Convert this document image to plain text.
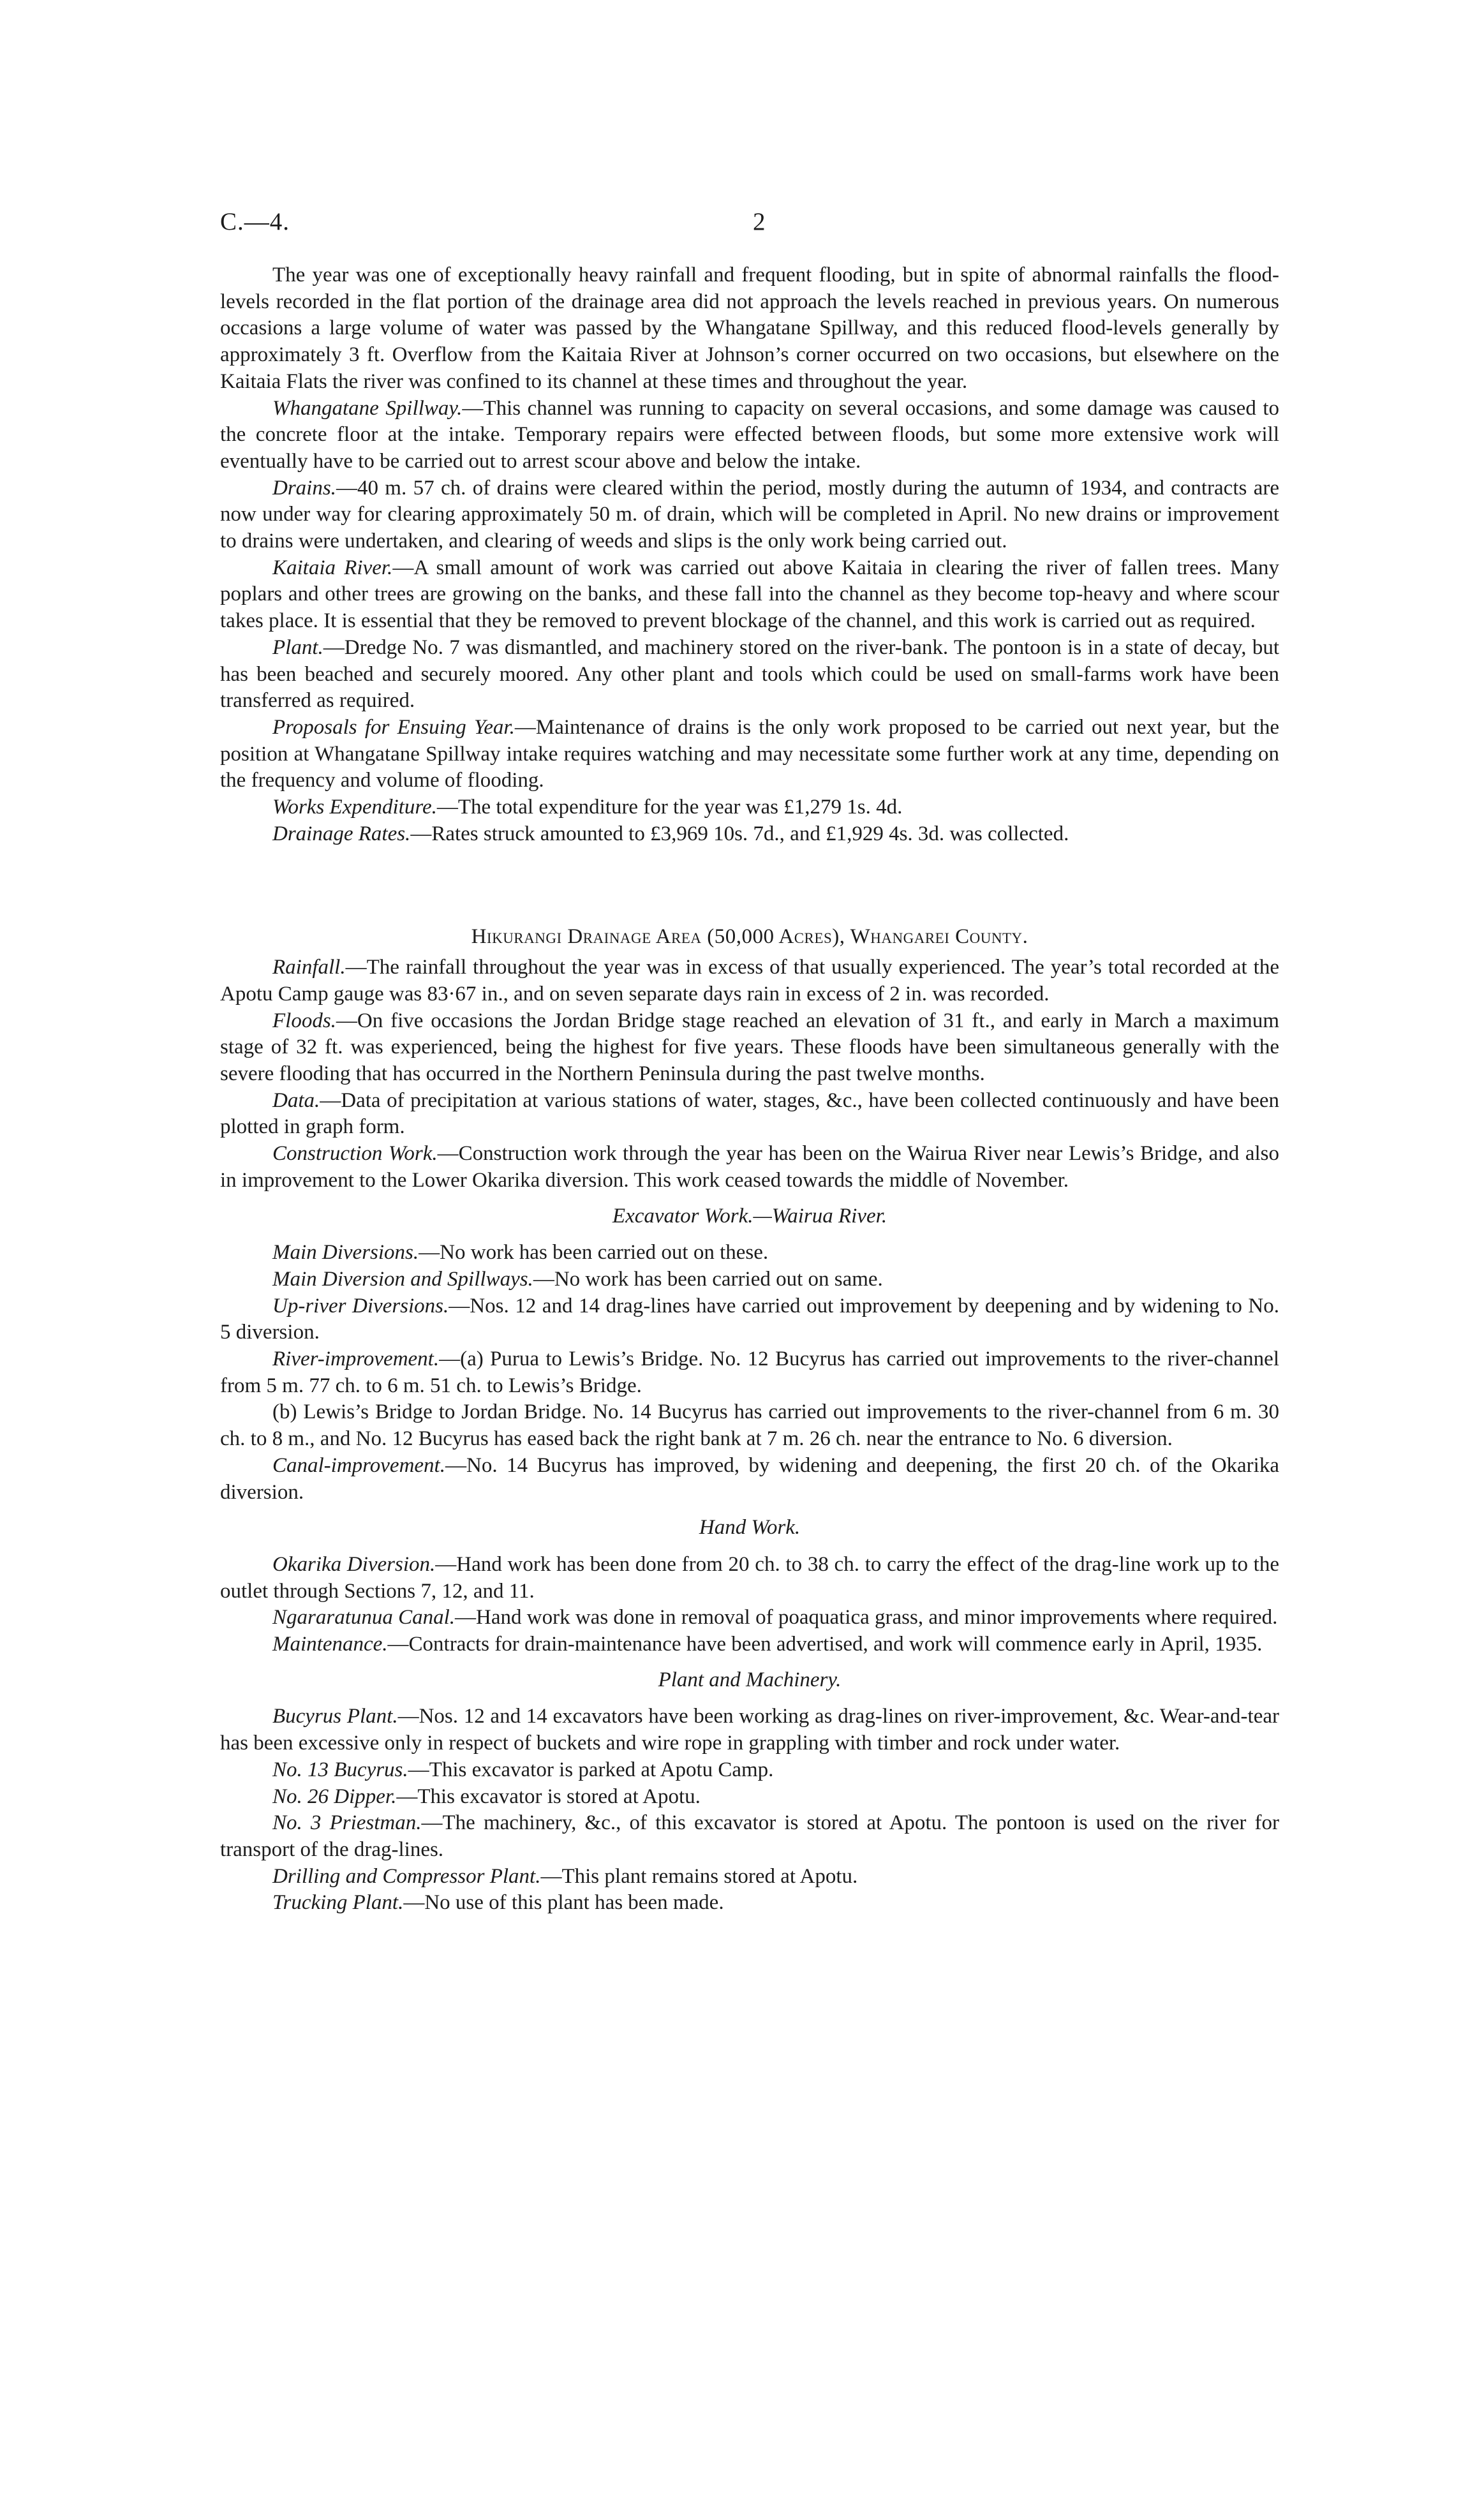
C.—4.	2

The year was one of exceptionally heavy rainfall and frequent flooding, but in spite of abnormal rainfalls the flood-levels recorded in the flat portion of the drainage area did not approach the levels reached in previous years. On numerous occasions a large volume of water was passed by the Whangatane Spillway, and this reduced flood-levels generally by approximately 3 ft. Overflow from the Kaitaia River at Johnson’s corner occurred on two occasions, but elsewhere on the Kaitaia Flats the river was confined to its channel at these times and throughout the year.

Whangatane Spillway.—This channel was running to capacity on several occasions, and some damage was caused to the concrete floor at the intake. Temporary repairs were effected between floods, but some more extensive work will eventually have to be carried out to arrest scour above and below the intake.

Drains.—40 m. 57 ch. of drains were cleared within the period, mostly during the autumn of 1934, and contracts are now under way for clearing approximately 50 m. of drain, which will be completed in April. No new drains or improvement to drains were undertaken, and clearing of weeds and slips is the only work being carried out.

Kaitaia River.—A small amount of work was carried out above Kaitaia in clearing the river of fallen trees. Many poplars and other trees are growing on the banks, and these fall into the channel as they become top-heavy and where scour takes place. It is essential that they be removed to prevent blockage of the channel, and this work is carried out as required.

Plant.—Dredge No. 7 was dismantled, and machinery stored on the river-bank. The pontoon is in a state of decay, but has been beached and securely moored. Any other plant and tools which could be used on small-farms work have been transferred as required.

Proposals for Ensuing Year.—Maintenance of drains is the only work proposed to be carried out next year, but the position at Whangatane Spillway intake requires watching and may necessitate some further work at any time, depending on the frequency and volume of flooding.

Works Expenditure.—The total expenditure for the year was £1,279 1s. 4d.

Drainage Rates.—Rates struck amounted to £3,969 10s. 7d., and £1,929 4s. 3d. was collected.

Hikurangi Drainage Area (50,000 Acres), Whangarei County.

Rainfall.—The rainfall throughout the year was in excess of that usually experienced. The year’s total recorded at the Apotu Camp gauge was 83·67 in., and on seven separate days rain in excess of 2 in. was recorded.

Floods.—On five occasions the Jordan Bridge stage reached an elevation of 31 ft., and early in March a maximum stage of 32 ft. was experienced, being the highest for five years. These floods have been simultaneous generally with the severe flooding that has occurred in the Northern Peninsula during the past twelve months.

Data.—Data of precipitation at various stations of water, stages, &c., have been collected continuously and have been plotted in graph form.

Construction Work.—Construction work through the year has been on the Wairua River near Lewis’s Bridge, and also in improvement to the Lower Okarika diversion. This work ceased towards the middle of November.

Excavator Work.—Wairua River.

Main Diversions.—No work has been carried out on these.

Main Diversion and Spillways.—No work has been carried out on same.

Up-river Diversions.—Nos. 12 and 14 drag-lines have carried out improvement by deepening and by widening to No. 5 diversion.

River-improvement.—(a) Purua to Lewis’s Bridge. No. 12 Bucyrus has carried out improvements to the river-channel from 5 m. 77 ch. to 6 m. 51 ch. to Lewis’s Bridge.

(b) Lewis’s Bridge to Jordan Bridge. No. 14 Bucyrus has carried out improvements to the river-channel from 6 m. 30 ch. to 8 m., and No. 12 Bucyrus has eased back the right bank at 7 m. 26 ch. near the entrance to No. 6 diversion.

Canal-improvement.—No. 14 Bucyrus has improved, by widening and deepening, the first 20 ch. of the Okarika diversion.

Hand Work.

Okarika Diversion.—Hand work has been done from 20 ch. to 38 ch. to carry the effect of the drag-line work up to the outlet through Sections 7, 12, and 11.

Ngararatunua Canal.—Hand work was done in removal of poaquatica grass, and minor improvements where required.

Maintenance.—Contracts for drain-maintenance have been advertised, and work will commence early in April, 1935.

Plant and Machinery.

Bucyrus Plant.—Nos. 12 and 14 excavators have been working as drag-lines on river-improvement, &c. Wear-and-tear has been excessive only in respect of buckets and wire rope in grappling with timber and rock under water.

No. 13 Bucyrus.—This excavator is parked at Apotu Camp.

No. 26 Dipper.—This excavator is stored at Apotu.

No. 3 Priestman.—The machinery, &c., of this excavator is stored at Apotu. The pontoon is used on the river for transport of the drag-lines.

Drilling and Compressor Plant.—This plant remains stored at Apotu.

Trucking Plant.—No use of this plant has been made.
